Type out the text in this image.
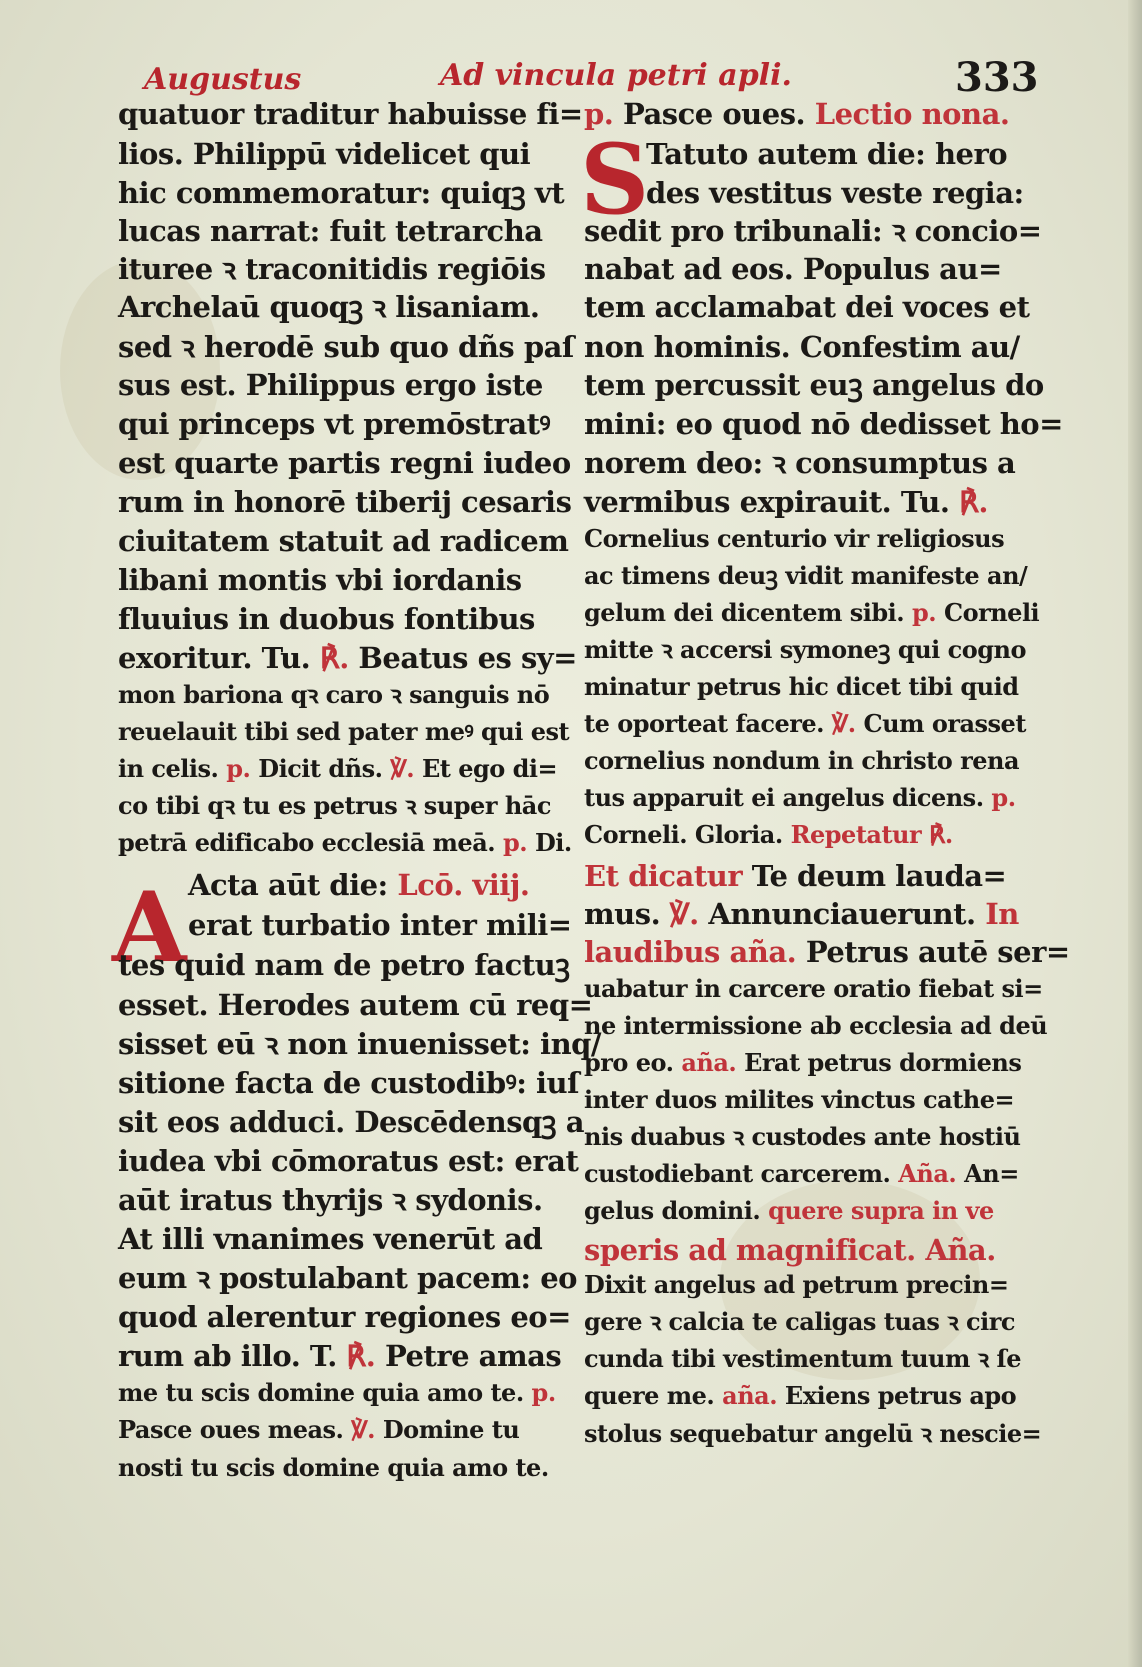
Augustus	Ad vincula petri apli.	333
A
quatuor traditur habuisse fi=
lios. Philippū videlicet qui
hic commemoratur: quiqꝫ vt
lucas narrat: fuit tetrarcha
ituree ꝛ traconitidis regiōis
Archelaū quoqꝫ ꝛ lisaniam.
sed ꝛ herodē sub quo dñs paſ
sus est. Philippus ergo iste
qui princeps vt premōstratꝰ
est quarte partis regni iudeo
rum in honorē tiberij cesaris
ciuitatem statuit ad radicem
libani montis vbi iordanis
fluuius in duobus fontibus
exoritur. Tu. ℟. Beatus es sy=
mon bariona qꝛ caro ꝛ sanguis nō
reuelauit tibi sed pater meꝰ qui est
in celis. p. Dicit dñs. ℣. Et ego di=
co tibi qꝛ tu es petrus ꝛ super hāc
petrā edificabo ecclesiā meā. p. Di.
Acta aūt die: Lcō. viij.
erat turbatio inter mili=
tes quid nam de petro factuꝫ
esset. Herodes autem cū req=
sisset eū ꝛ non inuenisset: inq/
sitione facta de custodibꝰ: iuſ
sit eos adduci. Descēdensqꝫ a
iudea vbi cōmoratus est: erat
aūt iratus thyrijs ꝛ sydonis.
At illi vnanimes venerūt ad
eum ꝛ postulabant pacem: eo
quod alerentur regiones eo=
rum ab illo. T. ℟. Petre amas
me tu scis domine quia amo te. p.
Pasce oues meas. ℣. Domine tu
nosti tu scis domine quia amo te.
S
p. Pasce oues. Lectio nona.
Tatuto autem die: hero
des vestitus veste regia:
sedit pro tribunali: ꝛ concio=
nabat ad eos. Populus au=
tem acclamabat dei voces et
non hominis. Confestim au/
tem percussit euꝫ angelus do
mini: eo quod nō dedisset ho=
norem deo: ꝛ consumptus a
vermibus expirauit. Tu. ℟.
Cornelius centurio vir religiosus
ac timens deuꝫ vidit manifeste an/
gelum dei dicentem sibi. p. Corneli
mitte ꝛ accersi symoneꝫ qui cogno
minatur petrus hic dicet tibi quid
te oporteat facere. ℣. Cum orasset
cornelius nondum in christo rena
tus apparuit ei angelus dicens. p.
Corneli. Gloria. Repetatur ℟.
Et dicatur Te deum lauda=
mus. ℣. Annunciauerunt. In
laudibus aña. Petrus autē ser=
uabatur in carcere oratio fiebat si=
ne intermissione ab ecclesia ad deū
pro eo. aña. Erat petrus dormiens
inter duos milites vinctus cathe=
nis duabus ꝛ custodes ante hostiū
custodiebant carcerem. Aña. An=
gelus domini. quere supra in ve
speris ad magnificat. Aña.
Dixit angelus ad petrum precin=
gere ꝛ calcia te caligas tuas ꝛ circ
cunda tibi vestimentum tuum ꝛ ſe
quere me. aña. Exiens petrus apo
stolus sequebatur angelū ꝛ nescie=
